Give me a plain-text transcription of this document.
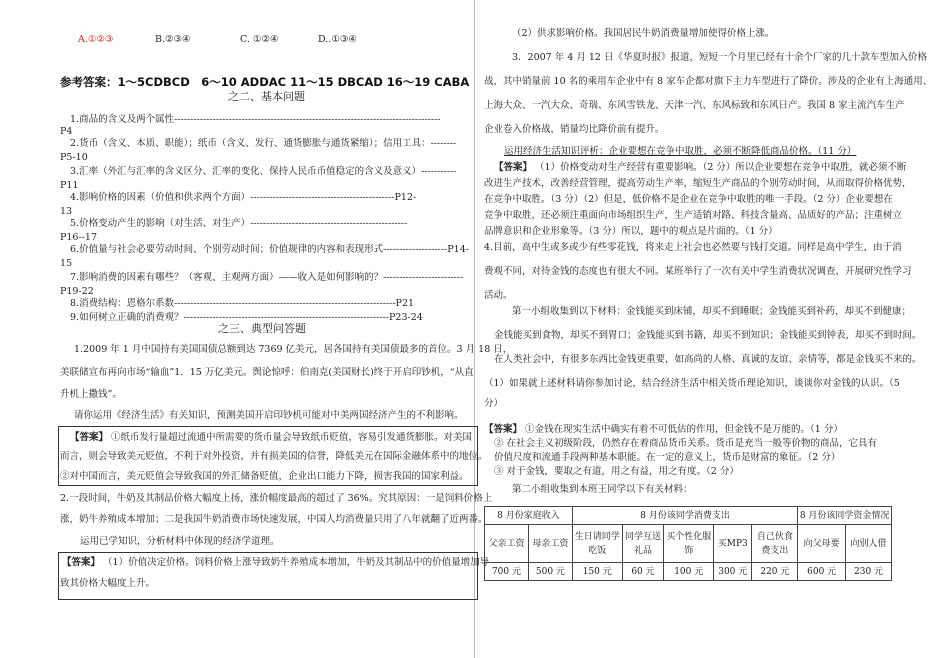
A.①②③	B.②③④	C. ①②④	D..①③④
参考答案：1～5CDBCD　6～10 ADDAC 11～15 DBCAD 16～19 CABA
之二、基本问题
1.商品的含义及两个属性-----------------------------------------------------------------------------------
P4
2.货币（含义、本质、职能）；纸币（含义、发行、通货膨胀与通货紧缩）；信用工具：--------
P5-10
3.汇率（外汇与汇率的含义区分、汇率的变化、保持人民币币值稳定的含义及意义）-----------
P11
4.影响价格的因素（价值和供求两个方面）---------------------------------------------P12-
13
5.价格变动产生的影响（对生活、对生产）-------------------------------------------------
P16--17
6.价值量与社会必要劳动时间、个别劳动时间；价值规律的内容和表现形式--------------------P14-
15
7.影响消费的因素有哪些？（客观、主观两方面）——收入是如何影响的？-------------------------
P19-22
8.消费结构：恩格尔系数---------------------------------------------------------------------P21
9.如何树立正确的消费观？----------------------------------------------------------------P23-24
之三、典型问答题
1.2009 年 1 月中国持有美国国债总额到达 7369 亿美元，居各国持有美国债最多的首位。3 月 18 日，
美联储宣布再向市场“输血”1．15 万亿美元。舆论惊呼：伯南克(美国财长)终于开启印钞机，“从直
升机上撒钱”。
请你运用《经济生活》有关知识，预测美国开启印钞机可能对中美两国经济产生的不利影响。
【答案】 ①纸币发行量超过流通中所需要的货币量会导致纸币贬值，容易引发通货膨胀。对美国
而言，则会导致美元贬值，不利于对外投资，并有损美国的信誉，降低美元在国际金融体系中的地位。
②对中国而言，美元贬值会导致我国的外汇储备贬值，企业出口能力下降，损害我国的国家利益。
2.一段时间，牛奶及其制品价格大幅度上扬，涨价幅度最高的超过了 36%。究其原因：一是饲料价格上
涨，奶牛养殖成本增加；二是我国牛奶消费市场快速发展，中国人均消费量只用了八年就翻了近两番。
运用已学知识，分析材料中体现的经济学道理。
【答案】 （1）价值决定价格。饲料价格上涨导致奶牛养殖成本增加，牛奶及其制品中的价值量增加导
致其价格大幅度上升。
（2）供求影响价格。我国居民牛奶消费量增加使得价格上涨。
3．2007 年 4 月 12 日《华夏时报》报道，短短一个月里已经有十余个厂家的几十款车型加入价格
战，其中销量前 10 名的乘用车企业中有 8 家车企都对旗下主力车型进行了降价。涉及的企业有上海通用、
上海大众、一汽大众、奇瑞、东风雪铁龙、天津一汽、东风标致和东风日产。我国 8 家主流汽车生产
企业卷入价格战，销量均比降价前有提升。
运用经济生活知识评析：企业要想在竞争中取胜，必须不断降低商品价格。（11 分）
【答案】 （1）价格变动对生产经营有重要影响。（2 分）所以企业要想在竞争中取胜，就必须不断
改进生产技术，改善经营管理，提高劳动生产率，缩短生产商品的个别劳动时间，从而取得价格优势，
在竞争中取胜。（3 分）（2）但是，低价格不是企业在竞争中取胜的唯一手段。（2 分）企业要想在
竞争中取胜，还必须注重面向市场组织生产，生产适销对路、科技含量高、品质好的产品；注重树立
品牌意识和企业形象等。（3 分）所以，题中的观点是片面的。（1 分）
4.目前，高中生或多或少有些零花钱，将来走上社会也必然要与钱打交道。同样是高中学生，由于消
费观不同，对待金钱的态度也有很大不同。某班举行了一次有关中学生消费状况调查，开展研究性学习
活动。
第一小组收集到以下材料：金钱能买到床铺，却买不到睡眠；金钱能买到补药，却买不到健康；
金钱能买到食物，却买不到胃口；金钱能买到书籍，却买不到知识；金钱能买到钟表，却买不到时间。
在人类社会中，有很多东西比金钱更重要，如高尚的人格、真诚的友谊、亲情等，都是金钱买不来的。
（1）如果就上述材料请你参加讨论，结合经济生活中相关货币理论知识，谈谈你对金钱的认识。（5
分）
【答案】 ①金钱在现实生活中确实有着不可低估的作用，但金钱不是万能的。（1 分）
② 在社会主义初级阶段，仍然存在着商品货币关系。货币是充当一般等价物的商品，它具有
价值尺度和流通手段两种基本职能。在一定的意义上，货币是财富的象征。（2 分）
③ 对于金钱，要取之有道，用之有益，用之有度。（2 分）
第二小组收集到本班王同学以下有关材料：
8 月份家庭收入		8 月份该同学消费支出					8 月份该同学资金情况	
父亲工资	母亲工资	生日请同学吃饭	同学互送礼品	买个性化服饰	买MP3	自己伙食费支出	向父母要	向别人借
700 元	500 元	150 元	60 元	100 元	300 元	220 元	600 元	230 元
